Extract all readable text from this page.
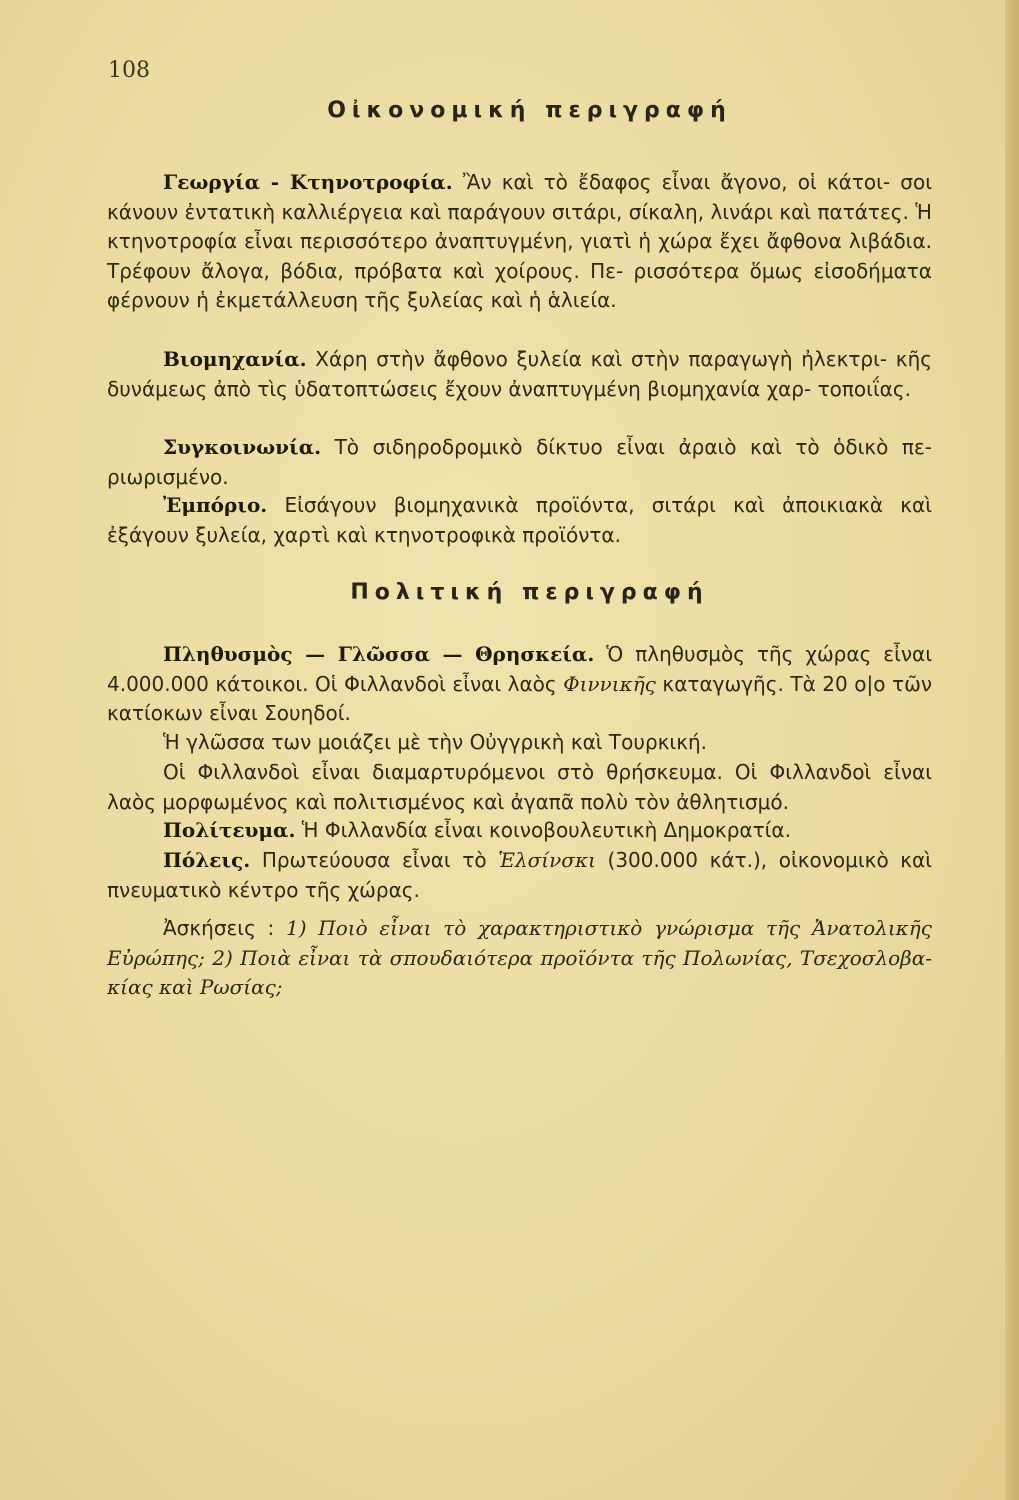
108
Οἰκονομική περιγραφή
Γεωργία - Κτηνοτροφία. Ἂν καὶ τὸ ἔδαφος εἶναι ἄγονο, οἱ κάτοι- σοι κάνουν ἐντατικὴ καλλιέργεια καὶ παράγουν σιτάρι, σίκαλη, λινάρι καὶ πατάτες. Ἡ κτηνοτροφία εἶναι περισσότερο ἀναπτυγμένη, γιατὶ ἡ χώρα ἔχει ἄφθονα λιβάδια. Τρέφουν ἄλογα, βόδια, πρόβατα καὶ χοίρους. Πε- ρισσότερα ὅμως εἰσοδήματα φέρνουν ἡ ἐκμετάλλευση τῆς ξυλείας καὶ ἡ ἁλιεία.
Βιομηχανία. Χάρη στὴν ἄφθονο ξυλεία καὶ στὴν παραγωγὴ ἠλεκτρι- κῆς δυνάμεως ἀπὸ τὶς ὑδατοπτώσεις ἔχουν ἀναπτυγμένη βιομηχανία χαρ- τοποιΐας.
Συγκοινωνία. Τὸ σιδηροδρομικὸ δίκτυο εἶναι ἀραιὸ καὶ τὸ ὁδικὸ πε- ριωρισμένο.
Ἐμπόριο. Εἰσάγουν βιομηχανικὰ προϊόντα, σιτάρι καὶ ἀποικιακὰ καὶ ἐξάγουν ξυλεία, χαρτὶ καὶ κτηνοτροφικὰ προϊόντα.
Πολιτική περιγραφή
Πληθυσμὸς — Γλῶσσα — Θρησκεία. Ὁ πληθυσμὸς τῆς χώρας εἶναι 4.000.000 κάτοικοι. Οἱ Φιλλανδοὶ εἶναι λαὸς Φιννικῆς καταγωγῆς. Τὰ 20 ο|ο τῶν κατίοκων εἶναι Σουηδοί.
Ἡ γλῶσσα των μοιάζει μὲ τὴν Οὐγγρικὴ καὶ Τουρκική.
Οἱ Φιλλανδοὶ εἶναι διαμαρτυρόμενοι στὸ θρήσκευμα. Οἱ Φιλλανδοὶ εἶναι λαὸς μορφωμένος καὶ πολιτισμένος καὶ ἀγαπᾶ πολὺ τὸν ἀθλητισμό.
Πολίτευμα. Ἡ Φιλλανδία εἶναι κοινοβουλευτικὴ Δημοκρατία.
Πόλεις. Πρωτεύουσα εἶναι τὸ Ἑλσίνσκι (300.000 κάτ.), οἰκονομικὸ καὶ πνευματικὸ κέντρο τῆς χώρας.
Ἀσκήσεις : 1) Ποιὸ εἶναι τὸ χαρακτηριστικὸ γνώρισμα τῆς Ἀνατολικῆς Εὐρώπης; 2) Ποιὰ εἶναι τὰ σπουδαιότερα προϊόντα τῆς Πολωνίας, Τσεχοσλοβα- κίας καὶ Ρωσίας;
